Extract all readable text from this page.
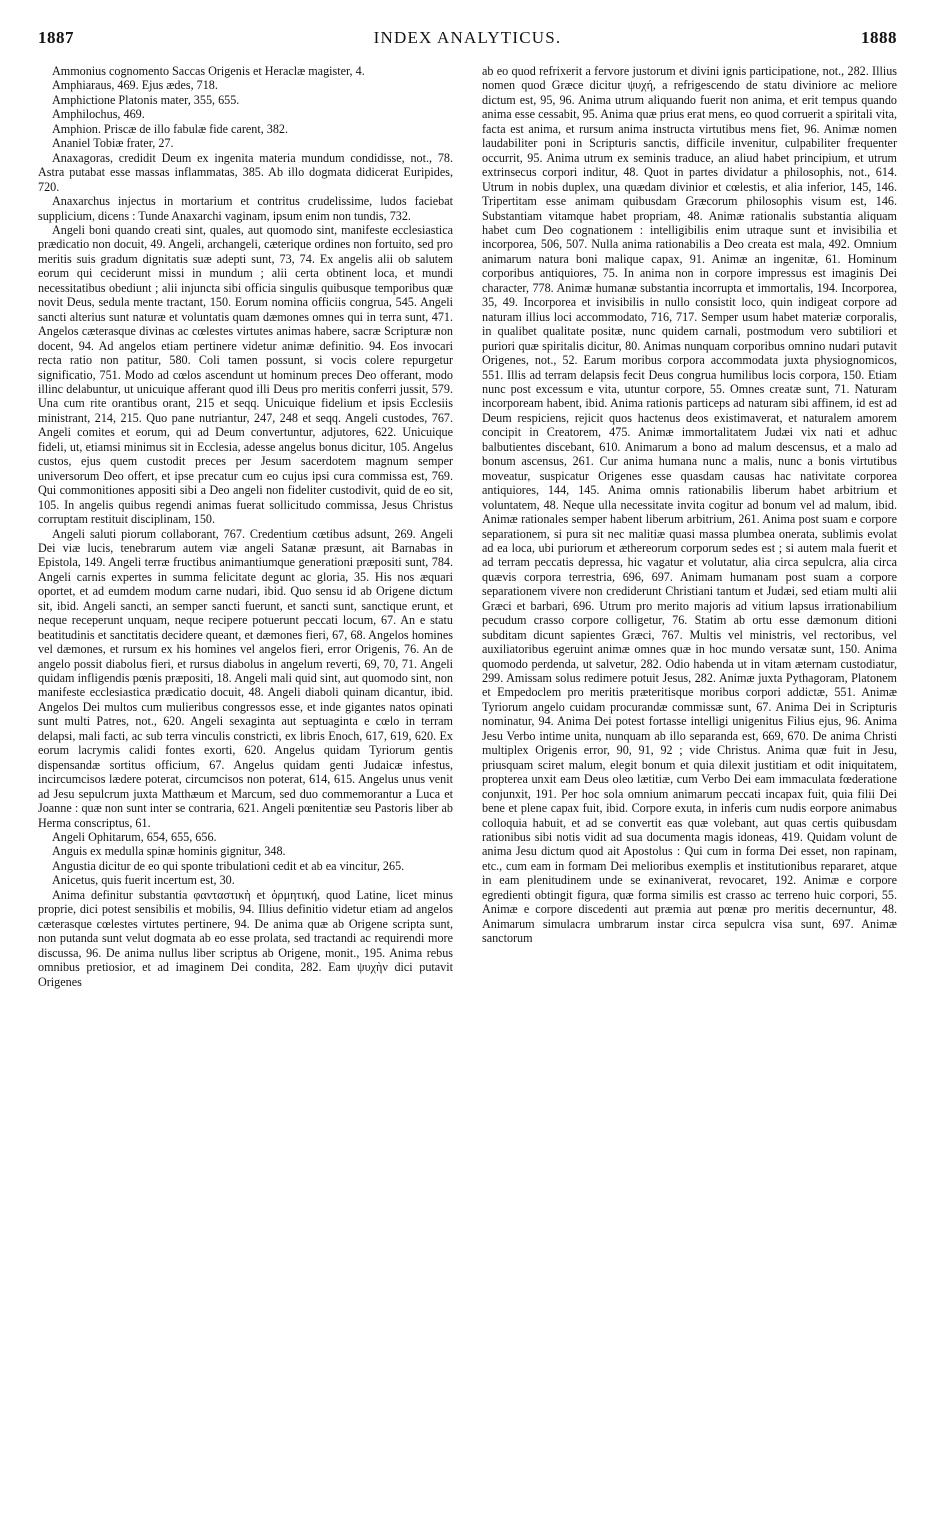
1887	INDEX ANALYTICUS.	1888

Ammonius cognomento Saccas Origenis et Heraclæ magister, 4.

Amphiaraus, 469. Ejus ædes, 718.

Amphictione Platonis mater, 355, 655.

Amphilochus, 469.

Amphion. Priscæ de illo fabulæ fide carent, 382.

Ananiel Tobiæ frater, 27.

Anaxagoras, credidit Deum ex ingenita materia mundum condidisse, not., 78. Astra putabat esse massas inflammatas, 385. Ab illo dogmata didicerat Euripides, 720.

Anaxarchus injectus in mortarium et contritus crudelissime, ludos faciebat supplicium, dicens : Tunde Anaxarchi vaginam, ipsum enim non tundis, 732.

Angeli boni quando creati sint, quales, aut quomodo sint, manifeste ecclesiastica prædicatio non docuit, 49. Angeli, archangeli, cæterique ordines non fortuito, sed pro meritis suis gradum dignitatis suæ adepti sunt, 73, 74. Ex angelis alii ob salutem eorum qui ceciderunt missi in mundum ; alii certa obtinent loca, et mundi necessitatibus obediunt ; alii injuncta sibi officia singulis quibusque temporibus quæ novit Deus, sedula mente tractant, 150. Eorum nomina officiis congrua, 545. Angeli sancti alterius sunt naturæ et voluntatis quam dæmones omnes qui in terra sunt, 471. Angelos cæterasque divinas ac cœlestes virtutes animas habere, sacræ Scripturæ non docent, 94. Ad angelos etiam pertinere videtur animæ definitio. 94. Eos invocari recta ratio non patitur, 580. Coli tamen possunt, si vocis colere repurgetur significatio, 751. Modo ad cœlos ascendunt ut hominum preces Deo offerant, modo illinc delabuntur, ut unicuique afferant quod illi Deus pro meritis conferri jussit, 579. Una cum rite orantibus orant, 215 et seqq. Unicuique fidelium et ipsis Ecclesiis ministrant, 214, 215. Quo pane nutriantur, 247, 248 et seqq. Angeli custodes, 767. Angeli comites et eorum, qui ad Deum convertuntur, adjutores, 622. Unicuique fideli, ut, etiamsi minimus sit in Ecclesia, adesse angelus bonus dicitur, 105. Angelus custos, ejus quem custodit preces per Jesum sacerdotem magnum semper universorum Deo offert, et ipse precatur cum eo cujus ipsi cura commissa est, 769. Qui commonitiones appositi sibi a Deo angeli non fideliter custodivit, quid de eo sit, 105. In angelis quibus regendi animas fuerat sollicitudo commissa, Jesus Christus corruptam restituit disciplinam, 150.

Angeli saluti piorum collaborant, 767. Credentium cœtibus adsunt, 269. Angeli Dei viæ lucis, tenebrarum autem viæ angeli Satanæ præsunt, ait Barnabas in Epistola, 149. Angeli terræ fructibus animantiumque generationi præpositi sunt, 784. Angeli carnis expertes in summa felicitate degunt ac gloria, 35. His nos æquari oportet, et ad eumdem modum carne nudari, ibid. Quo sensu id ab Origene dictum sit, ibid. Angeli sancti, an semper sancti fuerunt, et sancti sunt, sanctique erunt, et neque receperunt unquam, neque recipere potuerunt peccati locum, 67. An e statu beatitudinis et sanctitatis decidere queant, et dæmones fieri, 67, 68. Angelos homines vel dæmones, et rursum ex his homines vel angelos fieri, error Origenis, 76. An de angelo possit diabolus fieri, et rursus diabolus in angelum reverti, 69, 70, 71. Angeli quidam infligendis pœnis præpositi, 18. Angeli mali quid sint, aut quomodo sint, non manifeste ecclesiastica prædicatio docuit, 48. Angeli diaboli quinam dicantur, ibid. Angelos Dei multos cum mulieribus congressos esse, et inde gigantes natos opinati sunt multi Patres, not., 620. Angeli sexaginta aut septuaginta e cœlo in terram delapsi, mali facti, ac sub terra vinculis constricti, ex libris Enoch, 617, 619, 620. Ex eorum lacrymis calidi fontes exorti, 620. Angelus quidam Tyriorum gentis dispensandæ sortitus officium, 67. Angelus quidam genti Judaicæ infestus, incircumcisos lædere poterat, circumcisos non poterat, 614, 615. Angelus unus venit ad Jesu sepulcrum juxta Matthæum et Marcum, sed duo commemorantur a Luca et Joanne : quæ non sunt inter se contraria, 621. Angeli pœnitentiæ seu Pastoris liber ab Herma conscriptus, 61.

Angeli Ophitarum, 654, 655, 656.

Anguis ex medulla spinæ hominis gignitur, 348.

Angustia dicitur de eo qui sponte tribulationi cedit et ab ea vincitur, 265.

Anicetus, quis fuerit incertum est, 30.

Anima definitur substantia φανταστικὴ et ὁρμητική, quod Latine, licet minus proprie, dici potest sensibilis et mobilis, 94. Illius definitio videtur etiam ad angelos cæterasque cœlestes virtutes pertinere, 94. De anima quæ ab Origene scripta sunt, non putanda sunt velut dogmata ab eo esse prolata, sed tractandi ac requirendi more discussa, 96. De anima nullus liber scriptus ab Origene, monit., 195. Anima rebus omnibus pretiosior, et ad imaginem Dei condita, 282. Eam ψυχὴν dici putavit Origenes

ab eo quod refrixerit a fervore justorum et divini ignis participatione, not., 282. Illius nomen quod Græce dicitur ψυχή, a refrigescendo de statu diviniore ac meliore dictum est, 95, 96. Anima utrum aliquando fuerit non anima, et erit tempus quando anima esse cessabit, 95. Anima quæ prius erat mens, eo quod corruerit a spiritali vita, facta est anima, et rursum anima instructa virtutibus mens fiet, 96. Animæ nomen laudabiliter poni in Scripturis sanctis, difficile invenitur, culpabiliter frequenter occurrit, 95. Anima utrum ex seminis traduce, an aliud habet principium, et utrum extrinsecus corpori inditur, 48. Quot in partes dividatur a philosophis, not., 614. Utrum in nobis duplex, una quædam divinior et cœlestis, et alia inferior, 145, 146. Tripertitam esse animam quibusdam Græcorum philosophis visum est, 146. Substantiam vitamque habet propriam, 48. Animæ rationalis substantia aliquam habet cum Deo cognationem : intelligibilis enim utraque sunt et invisibilia et incorporea, 506, 507. Nulla anima rationabilis a Deo creata est mala, 492. Omnium animarum natura boni malique capax, 91. Animæ an ingenitæ, 61. Hominum corporibus antiquiores, 75. In anima non in corpore impressus est imaginis Dei character, 778. Animæ humanæ substantia incorrupta et immortalis, 194. Incorporea, 35, 49. Incorporea et invisibilis in nullo consistit loco, quin indigeat corpore ad naturam illius loci accommodato, 716, 717. Semper usum habet materiæ corporalis, in qualibet qualitate positæ, nunc quidem carnali, postmodum vero subtiliori et puriori quæ spiritalis dicitur, 80. Animas nunquam corporibus omnino nudari putavit Origenes, not., 52. Earum moribus corpora accommodata juxta physiognomicos, 551. Illis ad terram delapsis fecit Deus congrua humilibus locis corpora, 150. Etiam nunc post excessum e vita, utuntur corpore, 55. Omnes creatæ sunt, 71. Naturam incorpoream habent, ibid. Anima rationis particeps ad naturam sibi affinem, id est ad Deum respiciens, rejicit quos hactenus deos existimaverat, et naturalem amorem concipit in Creatorem, 475. Animæ immortalitatem Judæi vix nati et adhuc balbutientes discebant, 610. Animarum a bono ad malum descensus, et a malo ad bonum ascensus, 261. Cur anima humana nunc a malis, nunc a bonis virtutibus moveatur, suspicatur Origenes esse quasdam causas hac nativitate corporea antiquiores, 144, 145. Anima omnis rationabilis liberum habet arbitrium et voluntatem, 48. Neque ulla necessitate invita cogitur ad bonum vel ad malum, ibid. Animæ rationales semper habent liberum arbitrium, 261. Anima post suam e corpore separationem, si pura sit nec malitiæ quasi massa plumbea onerata, sublimis evolat ad ea loca, ubi puriorum et æthereorum corporum sedes est ; si autem mala fuerit et ad terram peccatis depressa, hic vagatur et volutatur, alia circa sepulcra, alia circa quævis corpora terrestria, 696, 697. Animam humanam post suam a corpore separationem vivere non crediderunt Christiani tantum et Judæi, sed etiam multi alii Græci et barbari, 696. Utrum pro merito majoris ad vitium lapsus irrationabilium pecudum crasso corpore colligetur, 76. Statim ab ortu esse dæmonum ditioni subditam dicunt sapientes Græci, 767. Multis vel ministris, vel rectoribus, vel auxiliatoribus egeruint animæ omnes quæ in hoc mundo versatæ sunt, 150. Anima quomodo perdenda, ut salvetur, 282. Odio habenda ut in vitam æternam custodiatur, 299. Amissam solus redimere potuit Jesus, 282. Animæ juxta Pythagoram, Platonem et Empedoclem pro meritis præteritisque moribus corpori addictæ, 551. Animæ Tyriorum angelo cuidam procurandæ commissæ sunt, 67. Anima Dei in Scripturis nominatur, 94. Anima Dei potest fortasse intelligi unigenitus Filius ejus, 96. Anima Jesu Verbo intime unita, nunquam ab illo separanda est, 669, 670. De anima Christi multiplex Origenis error, 90, 91, 92 ; vide Christus. Anima quæ fuit in Jesu, priusquam sciret malum, elegit bonum et quia dilexit justitiam et odit iniquitatem, propterea unxit eam Deus oleo lætitiæ, cum Verbo Dei eam immaculata fœderatione conjunxit, 191. Per hoc sola omnium animarum peccati incapax fuit, quia filii Dei bene et plene capax fuit, ibid. Corpore exuta, in inferis cum nudis eorpore animabus colloquia habuit, et ad se convertit eas quæ volebant, aut quas certis quibusdam rationibus sibi notis vidit ad sua documenta magis idoneas, 419. Quidam volunt de anima Jesu dictum quod ait Apostolus : Qui cum in forma Dei esset, non rapinam, etc., cum eam in formam Dei melioribus exemplis et institutionibus repararet, atque in eam plenitudinem unde se exinaniverat, revocaret, 192. Animæ e corpore egredienti obtingit figura, quæ forma similis est crasso ac terreno huic corpori, 55. Animæ e corpore discedenti aut præmia aut pœnæ pro meritis decernuntur, 48. Animarum simulacra umbrarum instar circa sepulcra visa sunt, 697. Animæ sanctorum
